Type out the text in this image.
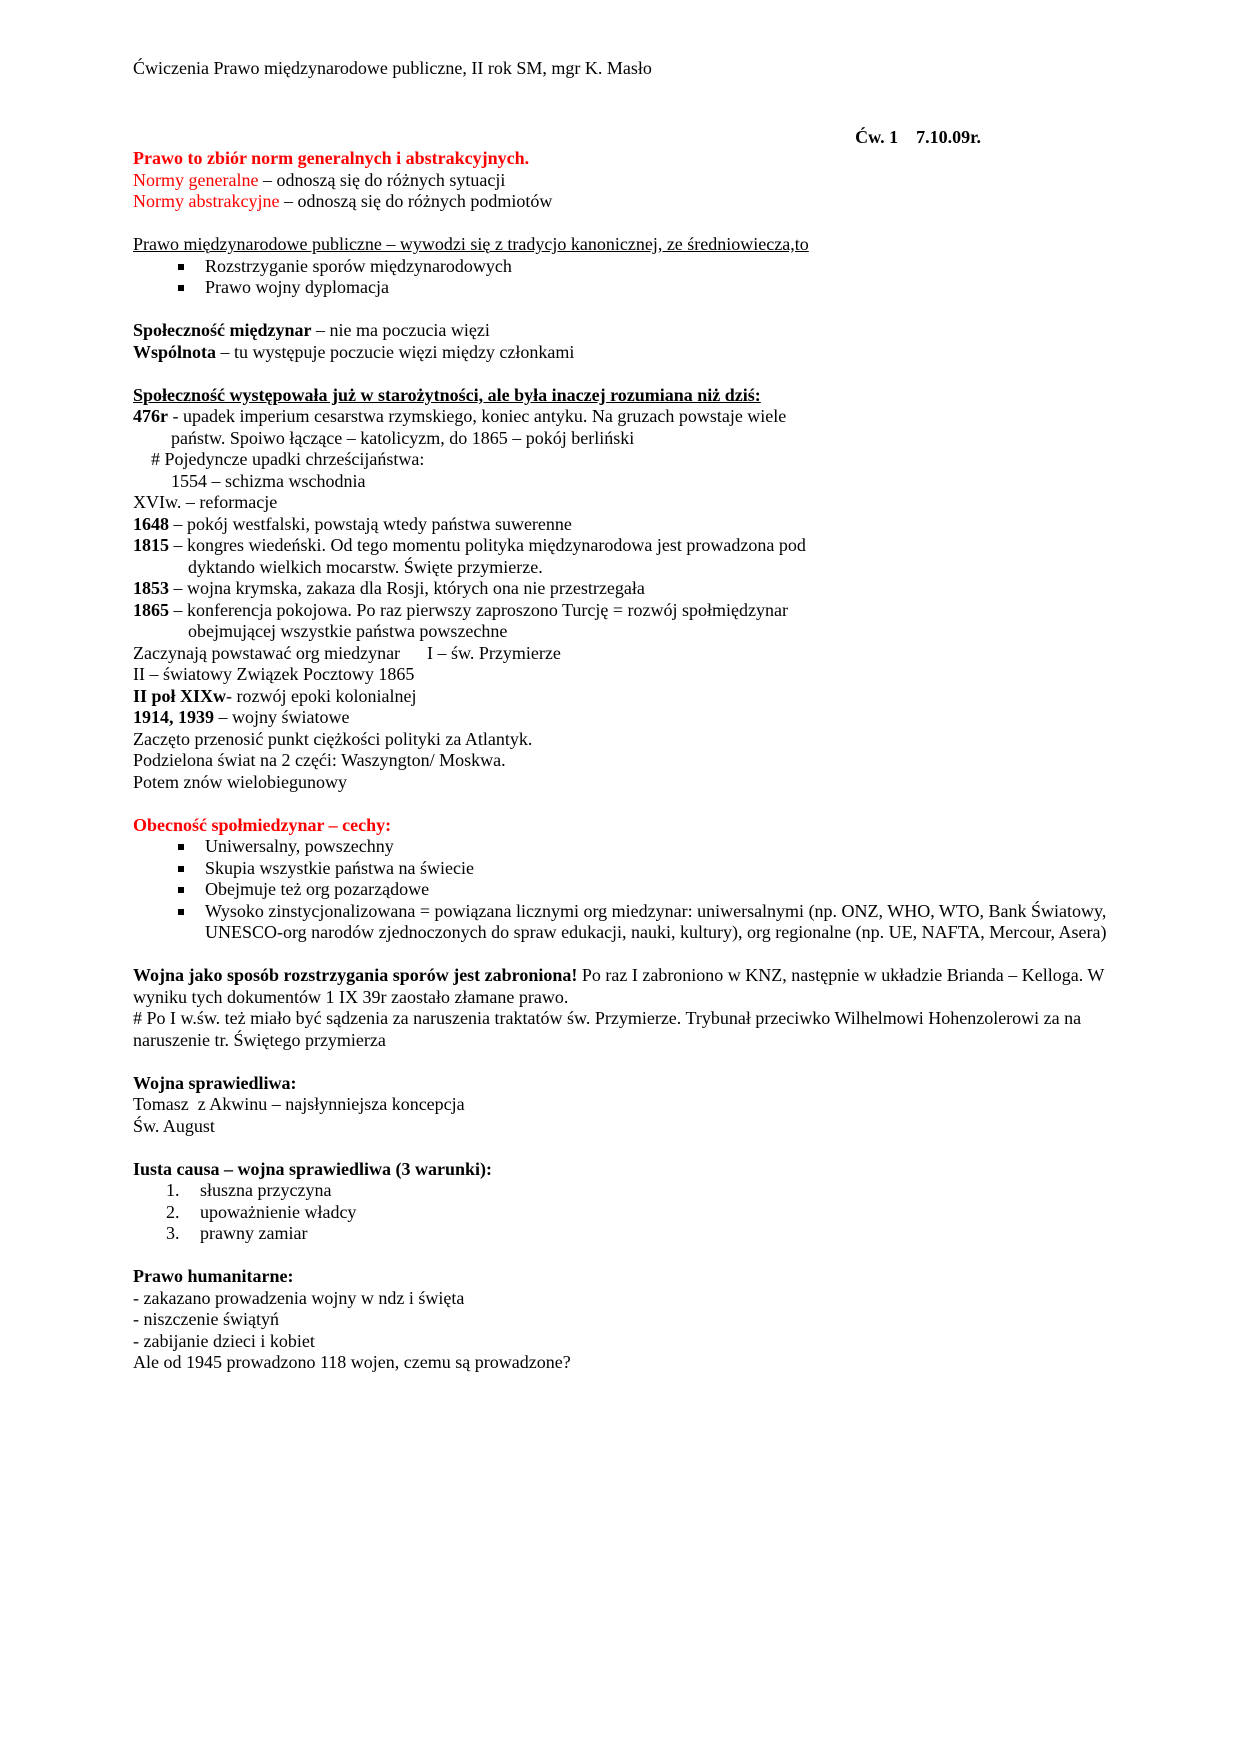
Ćwiczenia Prawo międzynarodowe publiczne, II rok SM, mgr K. Masło
Ćw. 1    7.10.09r.
Prawo to zbiór norm generalnych i abstrakcyjnych.
Normy generalne – odnoszą się do różnych sytuacji
Normy abstrakcyjne – odnoszą się do różnych podmiotów
Prawo międzynarodowe publiczne – wywodzi się z tradycjo kanonicznej, ze średniowiecza,to
Rozstrzyganie sporów międzynarodowych
Prawo wojny dyplomacja
Społeczność międzynar – nie ma poczucia więzi
Wspólnota – tu występuje poczucie więzi między członkami
Społeczność występowała już w starożytności, ale była inaczej rozumiana niż dziś:
476r - upadek imperium cesarstwa rzymskiego, koniec antyku. Na gruzach powstaje wiele
państw. Spoiwo łączące – katolicyzm, do 1865 – pokój berliński
# Pojedyncze upadki chrześcijaństwa:
1554 – schizma wschodnia
XVIw. – reformacje
1648 – pokój westfalski, powstają wtedy państwa suwerenne
1815 – kongres wiedeński. Od tego momentu polityka międzynarodowa jest prowadzona pod
dyktando wielkich mocarstw. Święte przymierze.
1853 – wojna krymska, zakaza dla Rosji, których ona nie przestrzegała
1865 – konferencja pokojowa. Po raz pierwszy zaproszono Turcję = rozwój społmiędzynar
obejmującej wszystkie państwa powszechne
Zaczynają powstawać org miedzynar      I – św. Przymierze
II – światowy Związek Pocztowy 1865
II poł XIXw- rozwój epoki kolonialnej
1914, 1939 – wojny światowe
Zaczęto przenosić punkt ciężkości polityki za Atlantyk.
Podzielona świat na 2 częći: Waszyngton/ Moskwa.
Potem znów wielobiegunowy
Obecność społmiedzynar – cechy:
Uniwersalny, powszechny
Skupia wszystkie państwa na świecie
Obejmuje też org pozarządowe
Wysoko zinstycjonalizowana = powiązana licznymi org miedzynar: uniwersalnymi (np. ONZ, WHO, WTO, Bank Światowy, UNESCO-org narodów zjednoczonych do spraw edukacji, nauki, kultury), org regionalne (np. UE, NAFTA, Mercour, Asera)
Wojna jako sposób rozstrzygania sporów jest zabroniona! Po raz I zabroniono w KNZ, następnie w układzie Brianda – Kelloga. W wyniku tych dokumentów 1 IX 39r zaostało złamane prawo.
# Po I w.św. też miało być sądzenia za naruszenia traktatów św. Przymierze. Trybunał przeciwko Wilhelmowi Hohenzolerowi za na naruszenie tr. Świętego przymierza
Wojna sprawiedliwa:
Tomasz  z Akwinu – najsłynniejsza koncepcja
Św. August
Iusta causa – wojna sprawiedliwa (3 warunki):
1. słuszna przyczyna
2. upoważnienie władcy
3. prawny zamiar
Prawo humanitarne:
- zakazano prowadzenia wojny w ndz i święta
- niszczenie świątyń
- zabijanie dzieci i kobiet
Ale od 1945 prowadzono 118 wojen, czemu są prowadzone?
